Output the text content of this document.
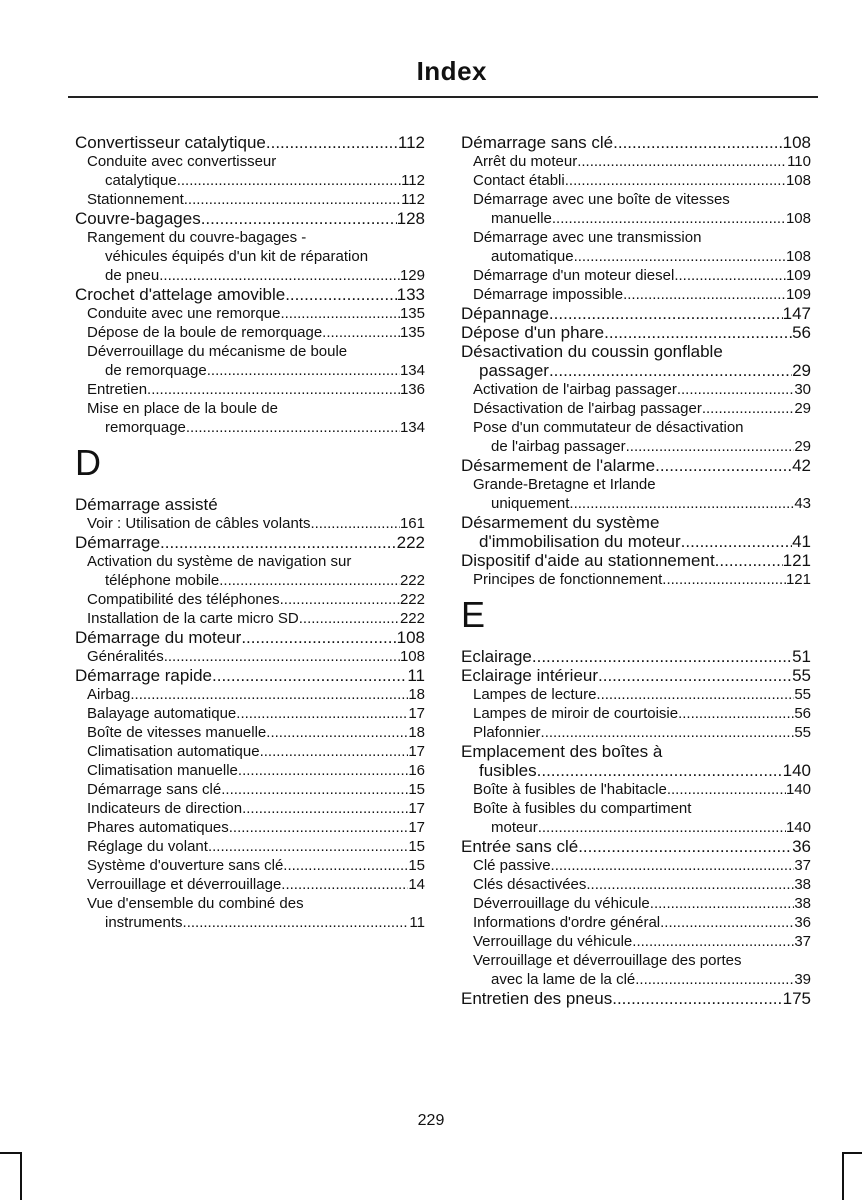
Index
Convertisseur catalytique .....	112
Conduite avec convertisseur
catalytique .....	112
Stationnement .....	112
Couvre-bagages .....	128
Rangement du couvre-bagages -
véhicules équipés d'un kit de réparation
de pneu .....	129
Crochet d'attelage amovible .....	133
Conduite avec une remorque .....	135
Dépose de la boule de remorquage .....	135
Déverrouillage du mécanisme de boule
de remorquage .....	134
Entretien .....	136
Mise en place de la boule de
remorquage .....	134
D
Démarrage assisté
Voir : Utilisation de câbles volants .....	161
Démarrage .....	222
Activation du système de navigation sur
téléphone mobile .....	222
Compatibilité des téléphones .....	222
Installation de la carte micro SD .....	222
Démarrage du moteur .....	108
Généralités .....	108
Démarrage rapide .....	11
Airbag .....	18
Balayage automatique .....	17
Boîte de vitesses manuelle .....	18
Climatisation automatique .....	17
Climatisation manuelle .....	16
Démarrage sans clé .....	15
Indicateurs de direction .....	17
Phares automatiques .....	17
Réglage du volant .....	15
Système d'ouverture sans clé .....	15
Verrouillage et déverrouillage .....	14
Vue d'ensemble du combiné des
instruments .....	11
Démarrage sans clé .....	108
Arrêt du moteur .....	110
Contact établi .....	108
Démarrage avec une boîte de vitesses
manuelle .....	108
Démarrage avec une transmission
automatique .....	108
Démarrage d'un moteur diesel .....	109
Démarrage impossible .....	109
Dépannage .....	147
Dépose d'un phare .....	56
Désactivation du coussin gonflable
passager .....	29
Activation de l'airbag passager .....	30
Désactivation de l'airbag passager .....	29
Pose d'un commutateur de désactivation
de l'airbag passager .....	29
Désarmement de l'alarme .....	42
Grande-Bretagne et Irlande
uniquement .....	43
Désarmement du système
d'immobilisation du moteur .....	41
Dispositif d'aide au stationnement .....	121
Principes de fonctionnement .....	121
E
Eclairage .....	51
Eclairage intérieur .....	55
Lampes de lecture .....	55
Lampes de miroir de courtoisie .....	56
Plafonnier .....	55
Emplacement des boîtes à
fusibles .....	140
Boîte à fusibles de l'habitacle .....	140
Boîte à fusibles du compartiment
moteur .....	140
Entrée sans clé .....	36
Clé passive .....	37
Clés désactivées .....	38
Déverrouillage du véhicule .....	38
Informations d'ordre général .....	36
Verrouillage du véhicule .....	37
Verrouillage et déverrouillage des portes
avec la lame de la clé .....	39
Entretien des pneus .....	175
229
